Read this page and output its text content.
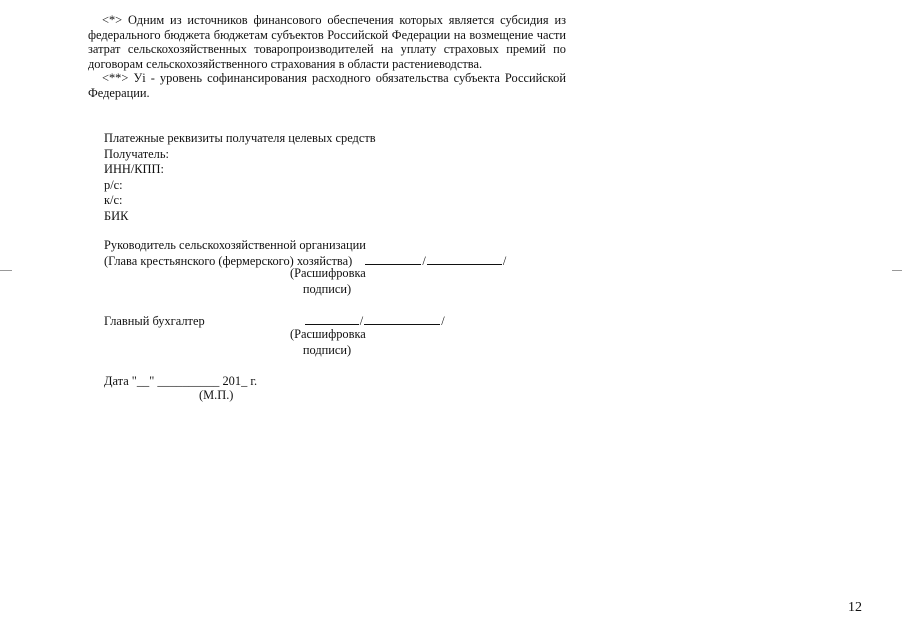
<*> Одним из источников финансового обеспечения которых является субсидия из федерального бюджета бюджетам субъектов Российской Федерации на возмещение части затрат сельскохозяйственных товаропроизводителей на уплату страховых премий по договорам сельскохозяйственного страхования в области растениеводства.

<**> Уi - уровень софинансирования расходного обязательства субъекта Российской Федерации.

Платежные реквизиты получателя целевых средств
Получатель:
ИНН/КПП:
р/с:
к/с:
БИК
Руководитель сельскохозяйственной организации
(Глава крестьянского (фермерского) хозяйства)	/	/
(Расшифровка
подписи)
Главный бухгалтер	/	/
(Расшифровка
подписи)
Дата "__" __________ 201_ г.
(М.П.)
12
